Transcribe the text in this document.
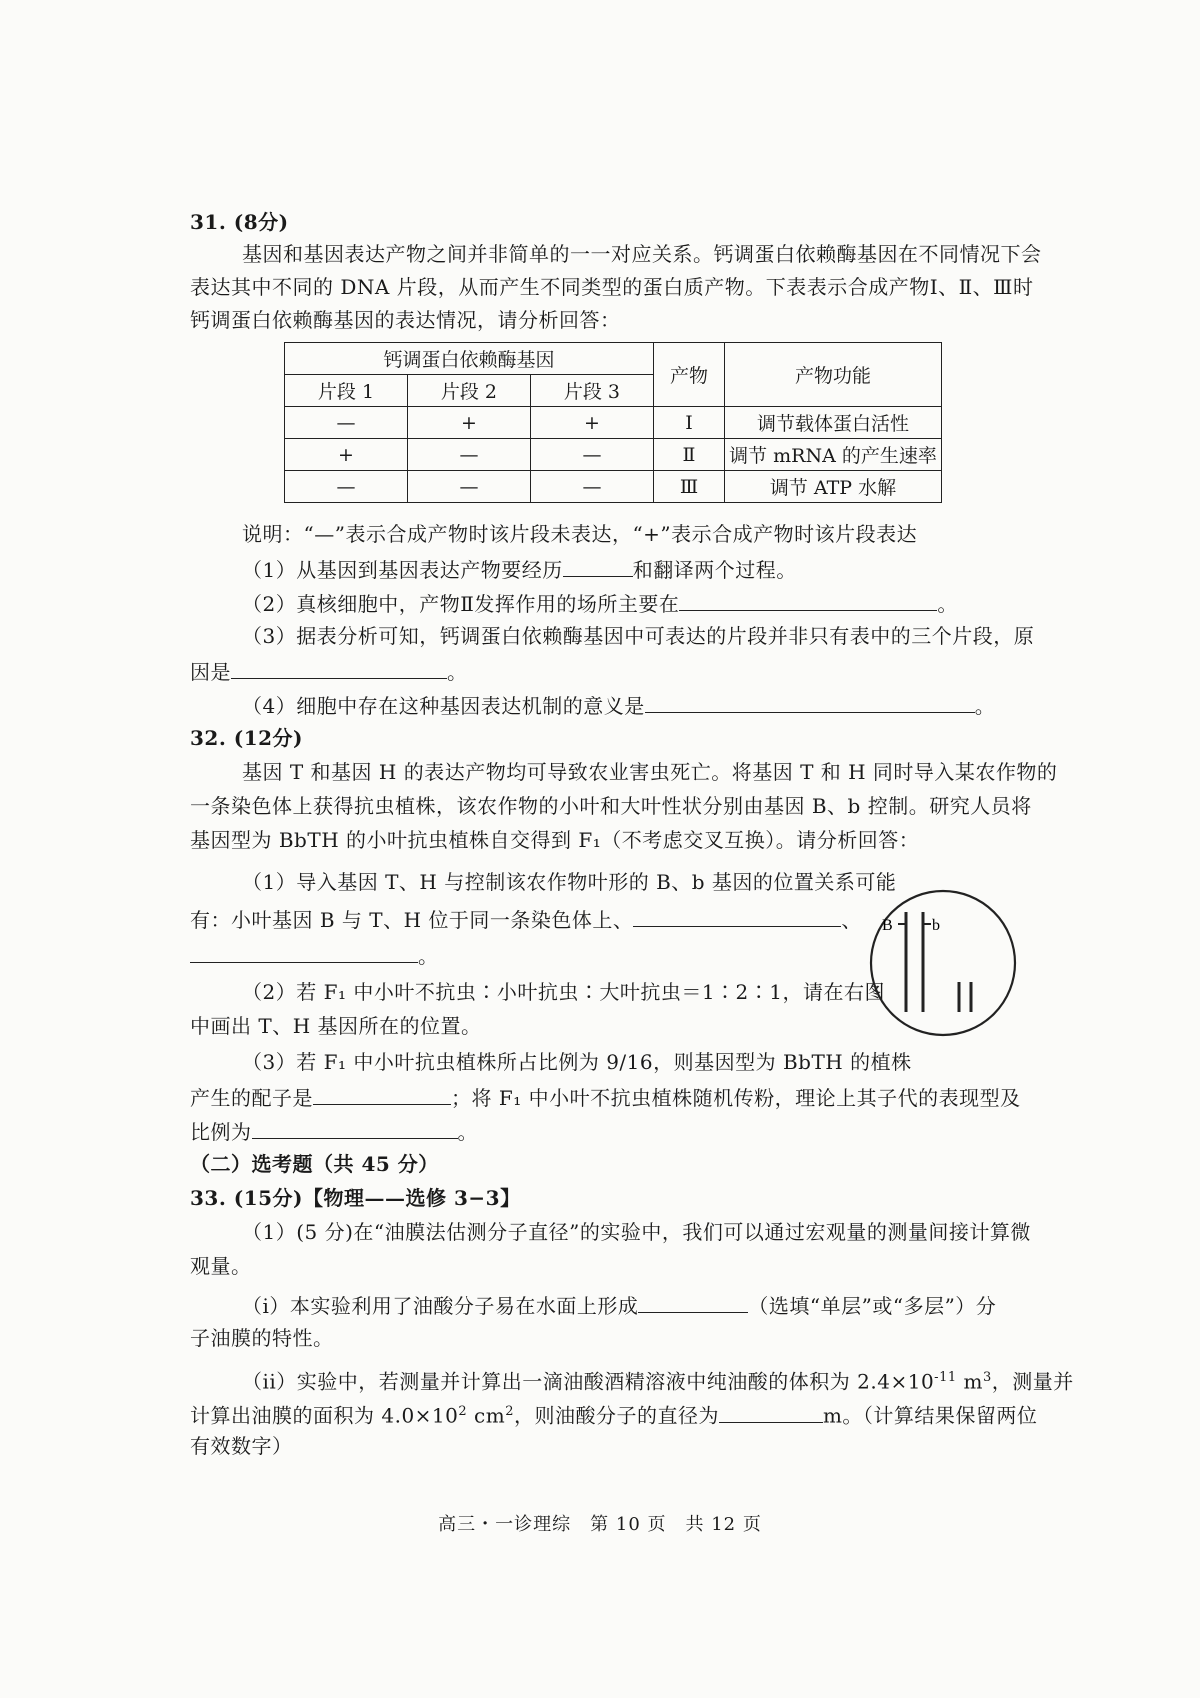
31. (8分)
基因和基因表达产物之间并非简单的一一对应关系。钙调蛋白依赖酶基因在不同情况下会
表达其中不同的 DNA 片段，从而产生不同类型的蛋白质产物。下表表示合成产物Ⅰ、Ⅱ、Ⅲ时
钙调蛋白依赖酶基因的表达情况，请分析回答：
钙调蛋白依赖酶基因			产物	产物功能
片段 1	片段 2	片段 3		
—	+	+	Ⅰ	调节载体蛋白活性
+	—	—	Ⅱ	调节 mRNA 的产生速率
—	—	—	Ⅲ	调节 ATP 水解
说明：“—”表示合成产物时该片段未表达，“+”表示合成产物时该片段表达
（1）从基因到基因表达产物要经历	和翻译两个过程。
（2）真核细胞中，产物Ⅱ发挥作用的场所主要在	。
（3）据表分析可知，钙调蛋白依赖酶基因中可表达的片段并非只有表中的三个片段，原
因是	。
（4）细胞中存在这种基因表达机制的意义是	。
32. (12分)
基因 T 和基因 H 的表达产物均可导致农业害虫死亡。将基因 T 和 H 同时导入某农作物的
一条染色体上获得抗虫植株，该农作物的小叶和大叶性状分别由基因 B、b 控制。研究人员将
基因型为 BbTH 的小叶抗虫植株自交得到 F₁（不考虑交叉互换）。请分析回答：
（1）导入基因 T、H 与控制该农作物叶形的 B、b 基因的位置关系可能
有：小叶基因 B 与 T、H 位于同一条染色体上、	、
。
（2）若 F₁ 中小叶不抗虫∶小叶抗虫∶大叶抗虫＝1∶2∶1，请在右图
中画出 T、H 基因所在的位置。
（3）若 F₁ 中小叶抗虫植株所占比例为 9/16，则基因型为 BbTH 的植株
产生的配子是	；将 F₁ 中小叶不抗虫植株随机传粉，理论上其子代的表现型及
比例为	。
B b
（二）选考题（共 45 分）
33. (15分)【物理——选修 3−3】
（1）(5 分)在“油膜法估测分子直径”的实验中，我们可以通过宏观量的测量间接计算微
观量。
（i）本实验利用了油酸分子易在水面上形成	（选填“单层”或“多层”）分
子油膜的特性。
（ii）实验中，若测量并计算出一滴油酸酒精溶液中纯油酸的体积为 $2.4\times 10^{-11}$ $m^3$，测量并
计算出油膜的面积为 $4.0\times 10^2$ $cm^2$，则油酸分子的直径为	m。（计算结果保留两位
有效数字）
高三・一诊理综　第 10 页　共 12 页
